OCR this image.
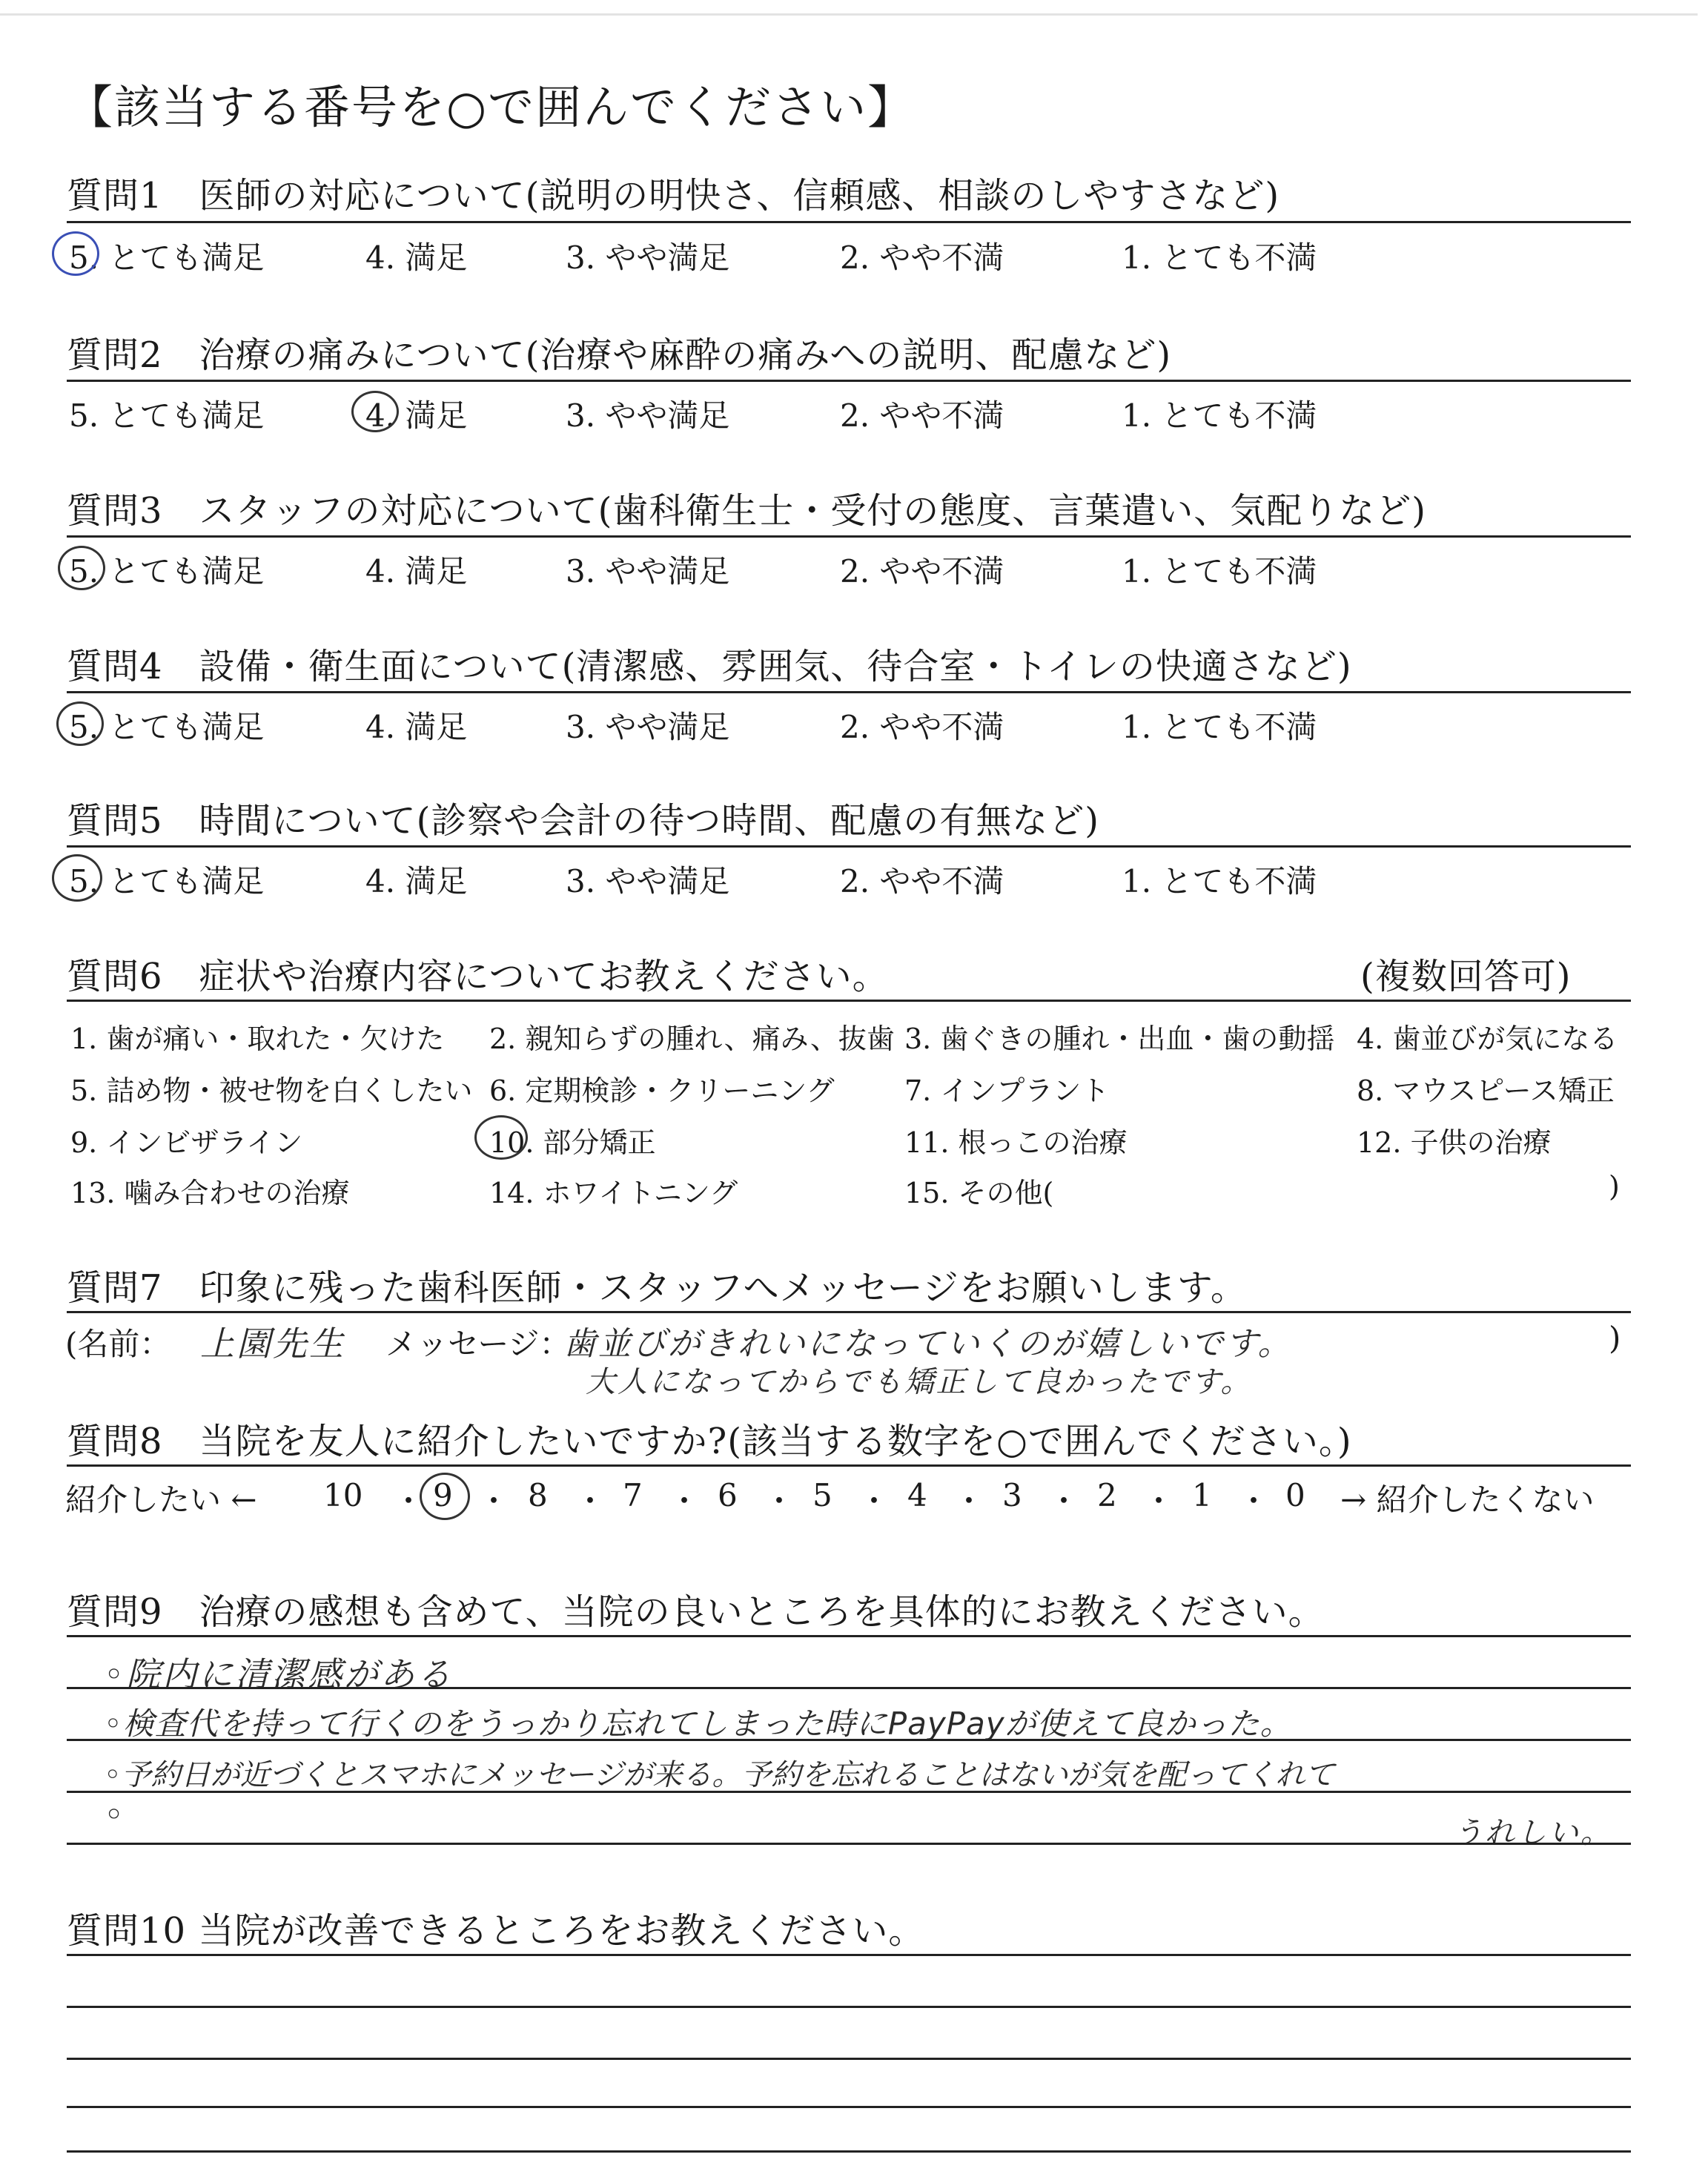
【該当する番号を○で囲んでください】
質問1　医師の対応について(説明の明快さ、信頼感、相談のしやすさなど)
5. とても満足	4. 満足	3. やや満足	2. やや不満	1. とても不満
質問2　治療の痛みについて(治療や麻酔の痛みへの説明、配慮など)
5. とても満足	4. 満足	3. やや満足	2. やや不満	1. とても不満
質問3　スタッフの対応について(歯科衛生士・受付の態度、言葉遣い、気配りなど)
5. とても満足	4. 満足	3. やや満足	2. やや不満	1. とても不満
質問4　設備・衛生面について(清潔感、雰囲気、待合室・トイレの快適さなど)
5. とても満足	4. 満足	3. やや満足	2. やや不満	1. とても不満
質問5　時間について(診察や会計の待つ時間、配慮の有無など)
5. とても満足	4. 満足	3. やや満足	2. やや不満	1. とても不満
質問6　症状や治療内容についてお教えください。	(複数回答可)
1. 歯が痛い・取れた・欠けた 2. 親知らずの腫れ、痛み、抜歯 3. 歯ぐきの腫れ・出血・歯の動揺 4. 歯並びが気になる
5. 詰め物・被せ物を白くしたい 6. 定期検診・クリーニング 7. インプラント	8. マウスピース矯正
9. インビザライン	10. 部分矯正	11. 根っこの治療	12. 子供の治療
13. 噛み合わせの治療	14. ホワイトニング	15. その他(	)
質問7　印象に残った歯科医師・スタッフへメッセージをお願いします。
(名前： 上園先生 メッセージ：
歯並びがきれいになっていくのが嬉しいです。
大人になってからでも矯正して良かったです。
)
質問8　当院を友人に紹介したいですか?(該当する数字を○で囲んでください。)
紹介したい ← 10 ・ 9 ・ 8 ・ 7 ・ 6 ・ 5 ・ 4 ・ 3 ・ 2 ・ 1 ・ 0 → 紹介したくない
質問9　治療の感想も含めて、当院の良いところを具体的にお教えください。
◦院内に清潔感がある
◦検査代を持って行くのをうっかり忘れてしまった時にPayPayが使えて良かった。
◦予約日が近づくとスマホにメッセージが来る。予約を忘れることはないが気を配ってくれて
◦	うれしい。
質問10 当院が改善できるところをお教えください。
